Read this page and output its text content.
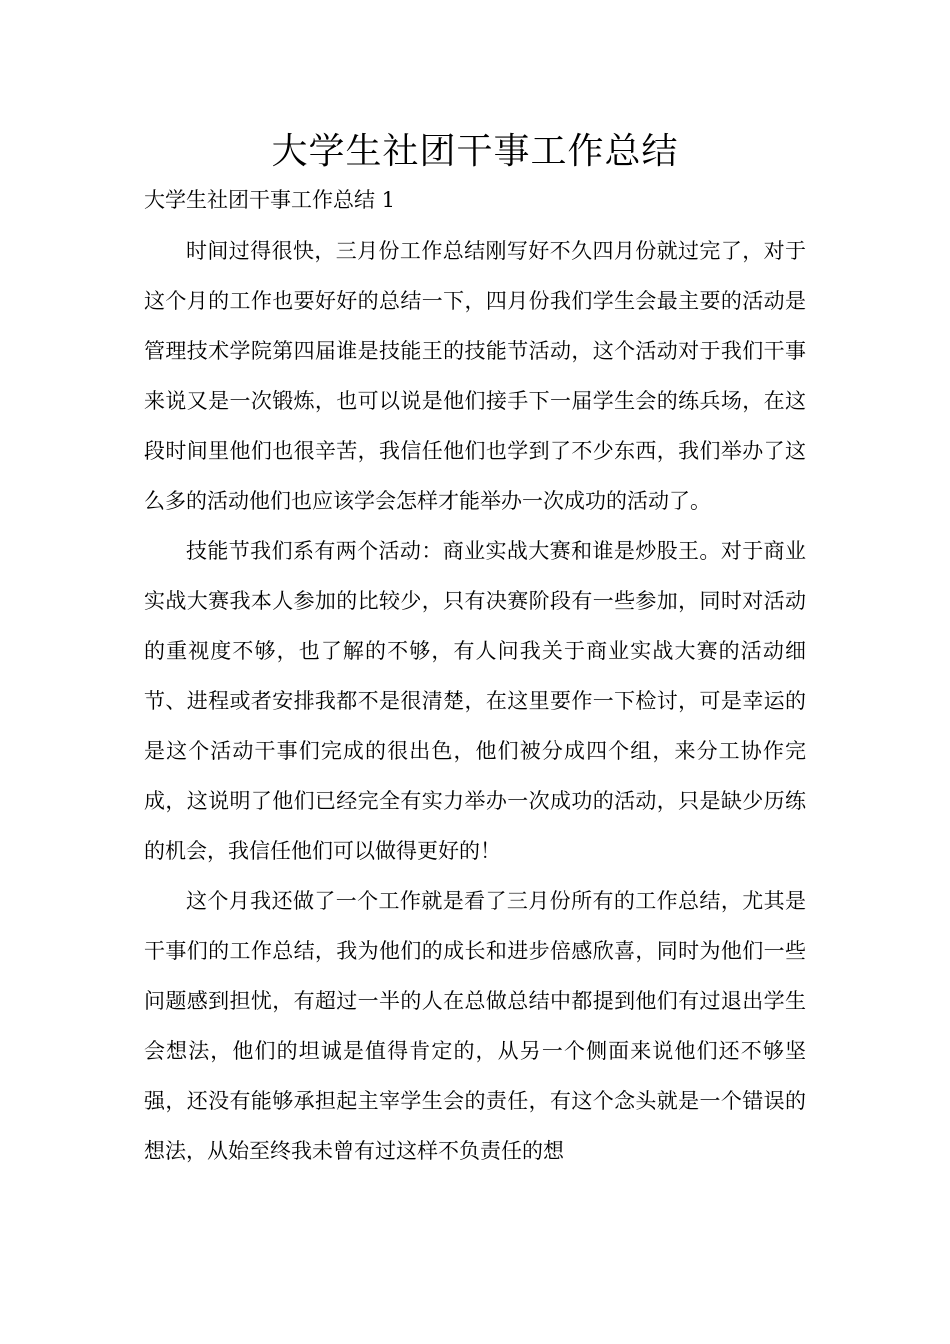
大学生社团干事工作总结
大学生社团干事工作总结 1

时间过得很快，三月份工作总结刚写好不久四月份就过完了，对于这个月的工作也要好好的总结一下，四月份我们学生会最主要的活动是管理技术学院第四届谁是技能王的技能节活动，这个活动对于我们干事来说又是一次锻炼，也可以说是他们接手下一届学生会的练兵场，在这段时间里他们也很辛苦，我信任他们也学到了不少东西，我们举办了这么多的活动他们也应该学会怎样才能举办一次成功的活动了。

技能节我们系有两个活动：商业实战大赛和谁是炒股王。对于商业实战大赛我本人参加的比较少，只有决赛阶段有一些参加，同时对活动的重视度不够，也了解的不够，有人问我关于商业实战大赛的活动细节、进程或者安排我都不是很清楚，在这里要作一下检讨，可是幸运的是这个活动干事们完成的很出色，他们被分成四个组，来分工协作完成，这说明了他们已经完全有实力举办一次成功的活动，只是缺少历练的机会，我信任他们可以做得更好的！

这个月我还做了一个工作就是看了三月份所有的工作总结，尤其是干事们的工作总结，我为他们的成长和进步倍感欣喜，同时为他们一些问题感到担忧，有超过一半的人在总做总结中都提到他们有过退出学生会想法，他们的坦诚是值得肯定的，从另一个侧面来说他们还不够坚强，还没有能够承担起主宰学生会的责任，有这个念头就是一个错误的想法，从始至终我未曾有过这样不负责任的想
